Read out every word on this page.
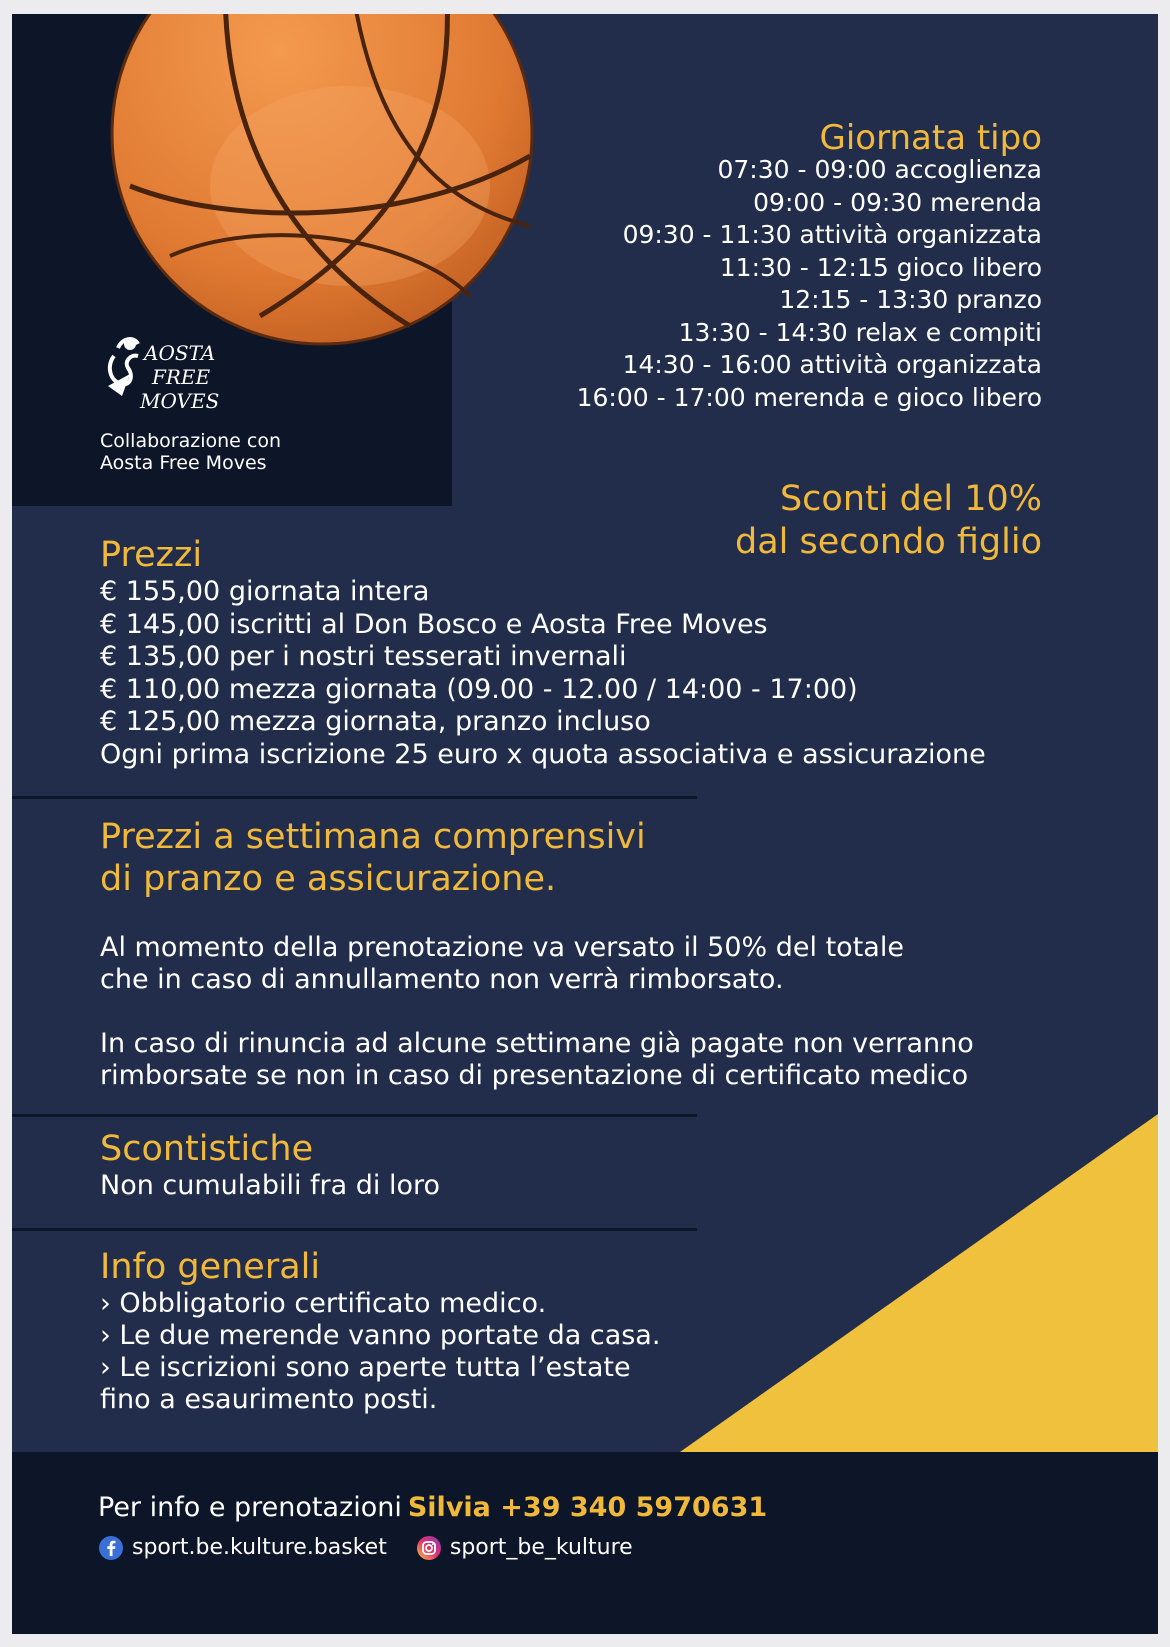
AOSTA
FREE
MOVES
Collaborazione con
Aosta Free Moves
Giornata tipo
07:30 - 09:00 accoglienza
09:00 - 09:30 merenda
09:30 - 11:30 attività organizzata
11:30 - 12:15 gioco libero
12:15 - 13:30 pranzo
13:30 - 14:30 relax e compiti
14:30 - 16:00 attività organizzata
16:00 - 17:00 merenda e gioco libero
Sconti del 10%
dal secondo figlio
Prezzi
€ 155,00 giornata intera
€ 145,00 iscritti al Don Bosco e Aosta Free Moves
€ 135,00 per i nostri tesserati invernali
€ 110,00 mezza giornata (09.00 - 12.00 / 14:00 - 17:00)
€ 125,00 mezza giornata, pranzo incluso
Ogni prima iscrizione 25 euro x quota associativa e assicurazione
Prezzi a settimana comprensivi
di pranzo e assicurazione.
Al momento della prenotazione va versato il 50% del totale
che in caso di annullamento non verrà rimborsato.
In caso di rinuncia ad alcune settimane già pagate non verranno
rimborsate se non in caso di presentazione di certificato medico
Scontistiche
Non cumulabili fra di loro
Info generali
› Obbligatorio certificato medico.
› Le due merende vanno portate da casa.
› Le iscrizioni sono aperte tutta l’estate
fino a esaurimento posti.
Per info e prenotazioni Silvia +39 340 5970631
sport.be.kulture.basket
	sport_be_kulture
